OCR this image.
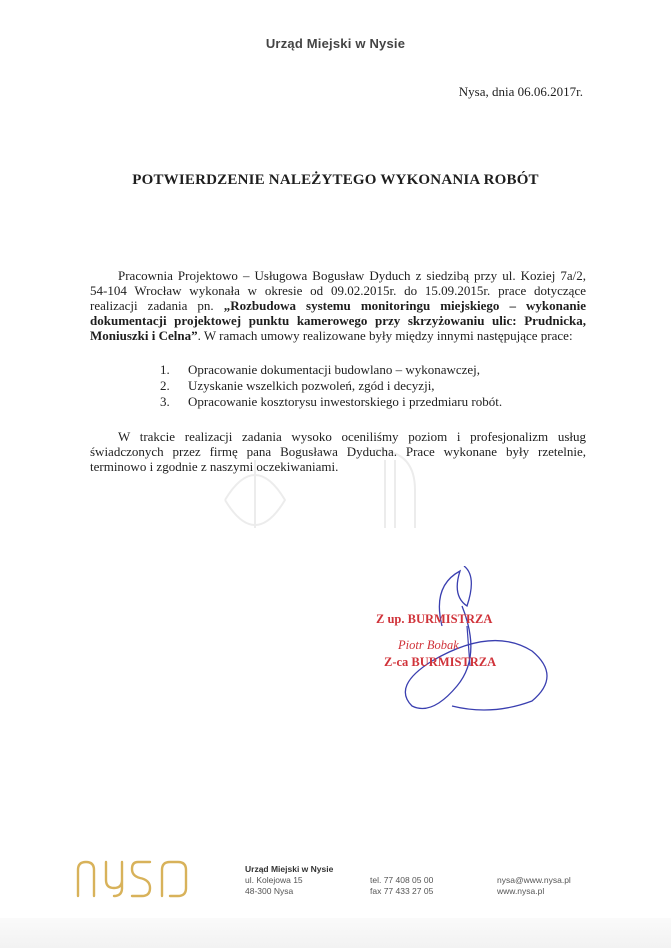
Urząd Miejski w Nysie
Nysa, dnia 06.06.2017r.
POTWIERDZENIE NALEŻYTEGO WYKONANIA ROBÓT
Pracownia Projektowo – Usługowa Bogusław Dyduch z siedzibą przy ul. Koziej 7a/2, 54-104 Wrocław wykonała w okresie od 09.02.2015r. do 15.09.2015r. prace dotyczące realizacji zadania pn. „Rozbudowa systemu monitoringu miejskiego – wykonanie dokumentacji projektowej punktu kamerowego przy skrzyżowaniu ulic: Prudnicka, Moniuszki i Celna”. W ramach umowy realizowane były między innymi następujące prace:
1.	Opracowanie dokumentacji budowlano – wykonawczej,
2.	Uzyskanie wszelkich pozwoleń, zgód i decyzji,
3.	Opracowanie kosztorysu inwestorskiego i przedmiaru robót.
W trakcie realizacji zadania wysoko oceniliśmy poziom i profesjonalizm usług świadczonych przez firmę pana Bogusława Dyducha. Prace wykonane były rzetelnie, terminowo i zgodnie z naszymi oczekiwaniami.
Z up. BURMISTRZA
Piotr Bobak
Z-ca BURMISTRZA
Urząd Miejski w Nysie
ul. Kolejowa 15
48-300 Nysa
tel. 77 408 05 00
fax 77 433 27 05
nysa@www.nysa.pl
www.nysa.pl
